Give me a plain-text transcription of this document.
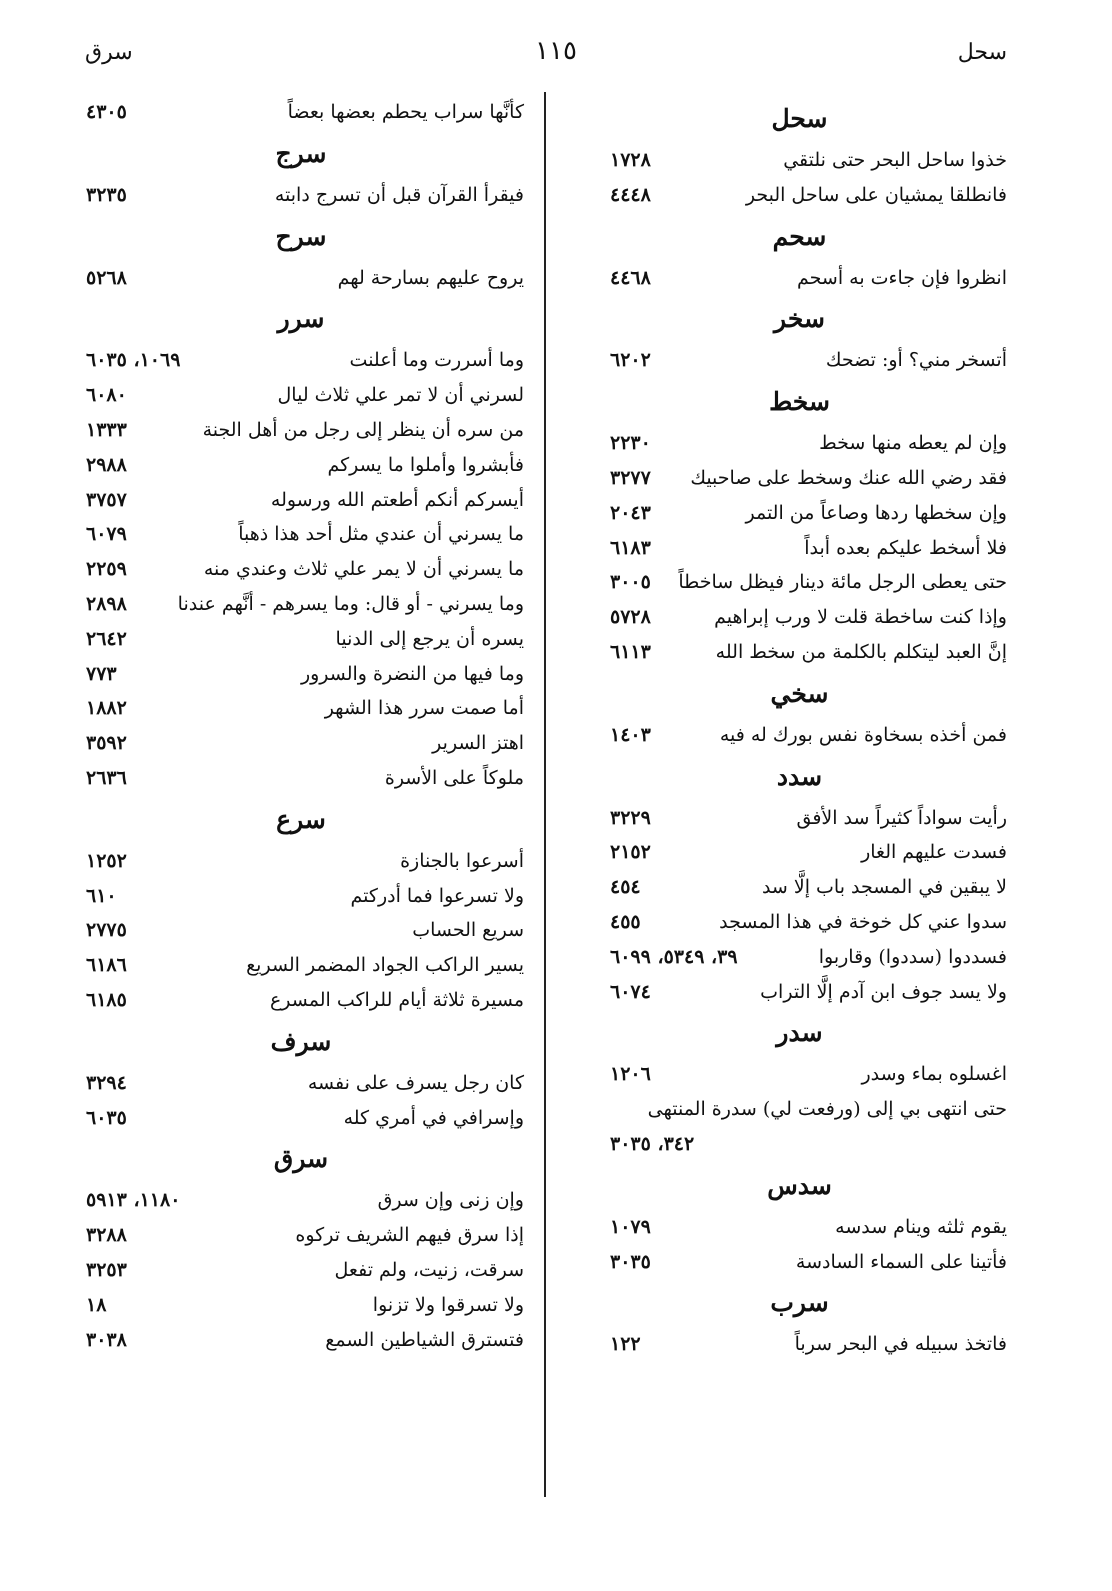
سحل
١١٥
سرق
سحل
خذوا ساحل البحر حتى نلتقي
١٧٢٨
فانطلقا يمشيان على ساحل البحر
٤٤٤٨
سحم
انظروا فإن جاءت به أسحم
٤٤٦٨
سخر
أتسخر مني؟ أو: تضحك
٦٢٠٢
سخط
وإن لم يعطه منها سخط
٢٢٣٠
فقد رضي الله عنك وسخط على صاحبيك
٣٢٧٧
وإن سخطها ردها وصاعاً من التمر
٢٠٤٣
فلا أسخط عليكم بعده أبداً
٦١٨٣
حتى يعطى الرجل مائة دينار فيظل ساخطاً
٣٠٠٥
وإذا كنت ساخطة قلت لا ورب إبراهيم
٥٧٢٨
إنَّ العبد ليتكلم بالكلمة من سخط الله
٦١١٣
سخي
فمن أخذه بسخاوة نفس بورك له فيه
١٤٠٣
سدد
رأيت سواداً كثيراً سد الأفق
٣٢٢٩
فسدت عليهم الغار
٢١٥٢
لا يبقين في المسجد باب إلَّا سد
٤٥٤
سدوا عني كل خوخة في هذا المسجد
٤٥٥
فسددوا (سددوا) وقاربوا
٣٩، ٥٣٤٩، ٦٠٩٩
ولا يسد جوف ابن آدم إلَّا التراب
٦٠٧٤
سدر
اغسلوه بماء وسدر
١٢٠٦
حتى انتهى بي إلى (ورفعت لي) سدرة المنتهى
٣٤٢، ٣٠٣٥
سدس
يقوم ثلثه وينام سدسه
١٠٧٩
فأتينا على السماء السادسة
٣٠٣٥
سرب
فاتخذ سبيله في البحر سرباً
١٢٢
كأنَّها سراب يحطم بعضها بعضاً
٤٣٠٥
سرج
فيقرأ القرآن قبل أن تسرج دابته
٣٢٣٥
سرح
يروح عليهم بسارحة لهم
٥٢٦٨
سرر
وما أسررت وما أعلنت
١٠٦٩، ٦٠٣٥
لسرني أن لا تمر علي ثلاث ليال
٦٠٨٠
من سره أن ينظر إلى رجل من أهل الجنة
١٣٣٣
فأبشروا وأملوا ما يسركم
٢٩٨٨
أيسركم أنكم أطعتم الله ورسوله
٣٧٥٧
ما يسرني أن عندي مثل أحد هذا ذهباً
٦٠٧٩
ما يسرني أن لا يمر علي ثلاث وعندي منه
٢٢٥٩
وما يسرني - أو قال: وما يسرهم - أنَّهم عندنا
٢٨٩٨
يسره أن يرجع إلى الدنيا
٢٦٤٢
وما فيها من النضرة والسرور
٧٧٣
أما صمت سرر هذا الشهر
١٨٨٢
اهتز السرير
٣٥٩٢
ملوكاً على الأسرة
٢٦٣٦
سرع
أسرعوا بالجنازة
١٢٥٢
ولا تسرعوا فما أدركتم
٦١٠
سريع الحساب
٢٧٧٥
يسير الراكب الجواد المضمر السريع
٦١٨٦
مسيرة ثلاثة أيام للراكب المسرع
٦١٨٥
سرف
كان رجل يسرف على نفسه
٣٢٩٤
وإسرافي في أمري كله
٦٠٣٥
سرق
وإن زنى وإن سرق
١١٨٠، ٥٩١٣
إذا سرق فيهم الشريف تركوه
٣٢٨٨
سرقت، زنيت، ولم تفعل
٣٢٥٣
ولا تسرقوا ولا تزنوا
١٨
فتسترق الشياطين السمع
٣٠٣٨
